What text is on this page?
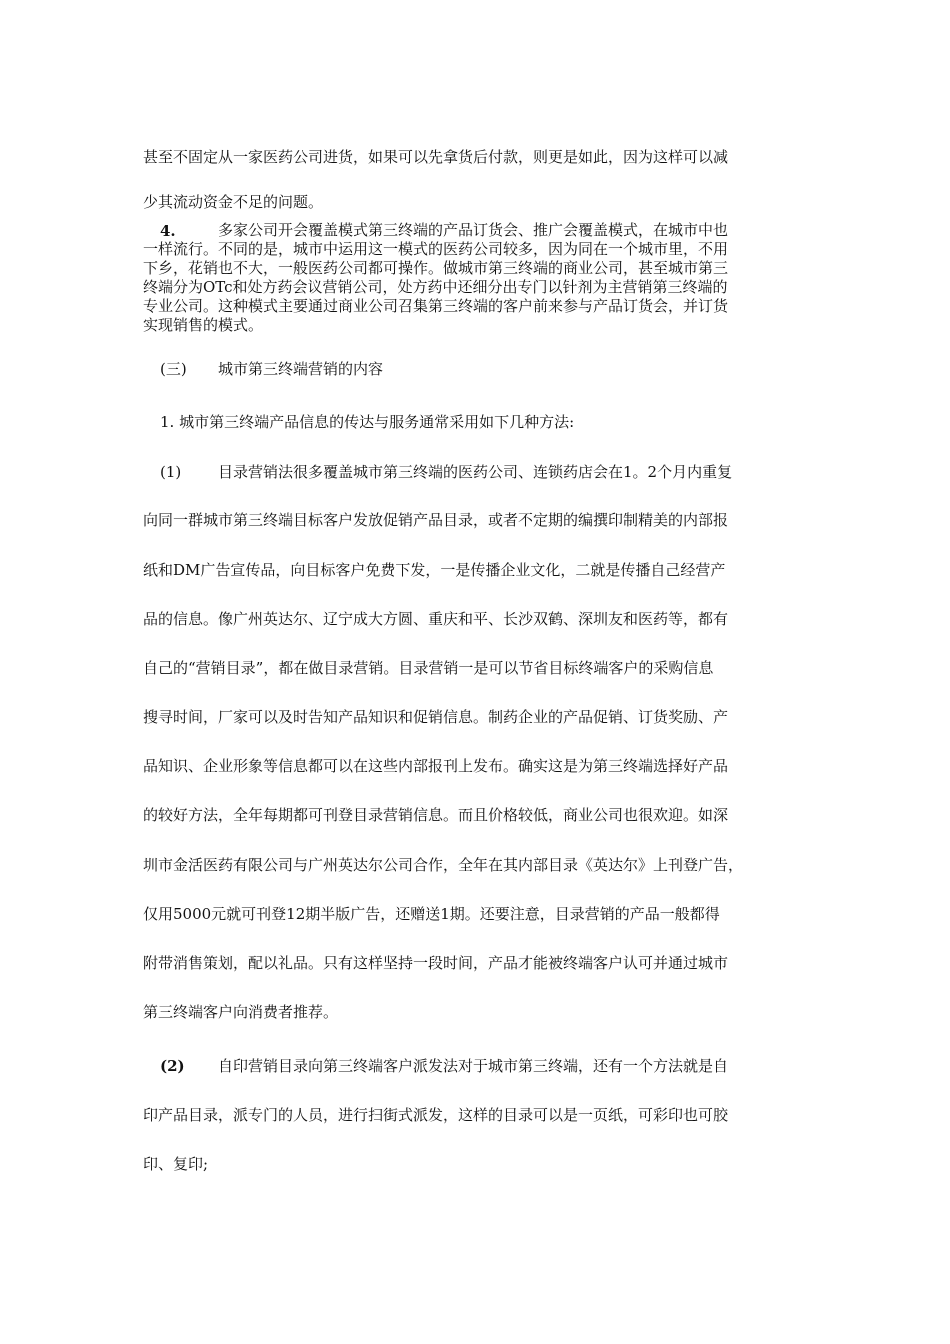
甚至不固定从一家医药公司进货，如果可以先拿货后付款，则更是如此，因为这样可以减
少其流动资金不足的问题。
4.	多家公司开会覆盖模式第三终端的产品订货会、推广会覆盖模式，在城市中也

一样流行。不同的是，城市中运用这一模式的医药公司较多，因为同在一个城市里，不用

下乡，花销也不大，一般医药公司都可操作。做城市第三终端的商业公司，甚至城市第三

终端分为OTc和处方药会议营销公司，处方药中还细分出专门以针剂为主营销第三终端的

专业公司。这种模式主要通过商业公司召集第三终端的客户前来参与产品订货会，并订货

实现销售的模式。

(三) 城市第三终端营销的内容
1. 城市第三终端产品信息的传达与服务通常采用如下几种方法:
(1) 目录营销法很多覆盖城市第三终端的医药公司、连锁药店会在1。2个月内重复
向同一群城市第三终端目标客户发放促销产品目录，或者不定期的编撰印制精美的内部报
纸和DM广告宣传品，向目标客户免费下发，一是传播企业文化，二就是传播自己经营产
品的信息。像广州英达尔、辽宁成大方圆、重庆和平、长沙双鹤、深圳友和医药等，都有
自己的“营销目录”，都在做目录营销。目录营销一是可以节省目标终端客户的采购信息
搜寻时间，厂家可以及时告知产品知识和促销信息。制药企业的产品促销、订货奖励、产
品知识、企业形象等信息都可以在这些内部报刊上发布。确实这是为第三终端选择好产品
的较好方法，全年每期都可刊登目录营销信息。而且价格较低，商业公司也很欢迎。如深
圳市金活医药有限公司与广州英达尔公司合作，全年在其内部目录《英达尔》上刊登广告，
仅用5000元就可刊登12期半版广告，还赠送1期。还要注意，目录营销的产品一般都得
附带消售策划，配以礼品。只有这样坚持一段时间，产品才能被终端客户认可并通过城市
第三终端客户向消费者推荐。
(2) 自印营销目录向第三终端客户派发法对于城市第三终端，还有一个方法就是自
印产品目录，派专门的人员，进行扫街式派发，这样的目录可以是一页纸，可彩印也可胶
印、复印;
